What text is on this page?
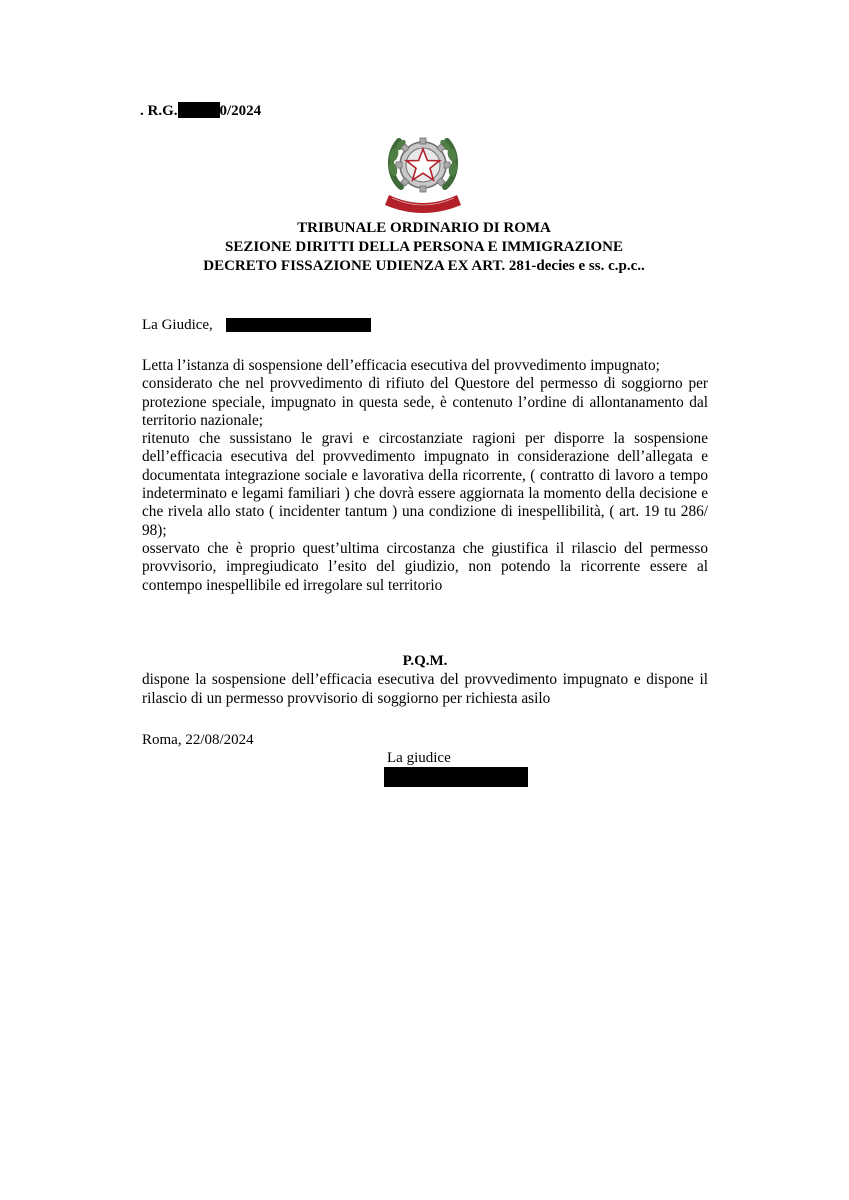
. R.G.	0/2024
TRIBUNALE ORDINARIO DI ROMA
SEZIONE DIRITTI DELLA PERSONA E IMMIGRAZIONE
DECRETO FISSAZIONE UDIENZA EX ART. 281-decies e ss. c.p.c..
La Giudice,

Letta l’istanza di sospensione dell’efficacia esecutiva del provvedimento impugnato;

considerato che nel provvedimento di rifiuto del Questore del permesso di soggiorno per protezione speciale, impugnato in questa sede, è contenuto l’ordine di allontanamento dal territorio nazionale;

ritenuto che sussistano le gravi e circostanziate ragioni per disporre la sospensione dell’efficacia esecutiva del provvedimento impugnato in considerazione dell’allegata e documentata integrazione sociale e lavorativa della ricorrente, ( contratto di lavoro a tempo indeterminato e legami familiari ) che dovrà essere aggiornata la momento della decisione e che rivela allo stato ( incidenter tantum ) una condizione di inespellibilità, ( art. 19 tu 286/ 98);

osservato che è proprio quest’ultima circostanza che giustifica il rilascio del permesso provvisorio, impregiudicato l’esito del giudizio, non potendo la ricorrente essere al contempo inespellibile ed irregolare sul territorio

P.Q.M.

dispone la sospensione dell’efficacia esecutiva del provvedimento impugnato e dispone il rilascio di un permesso provvisorio di soggiorno per richiesta asilo

Roma, 22/08/2024
La giudice
